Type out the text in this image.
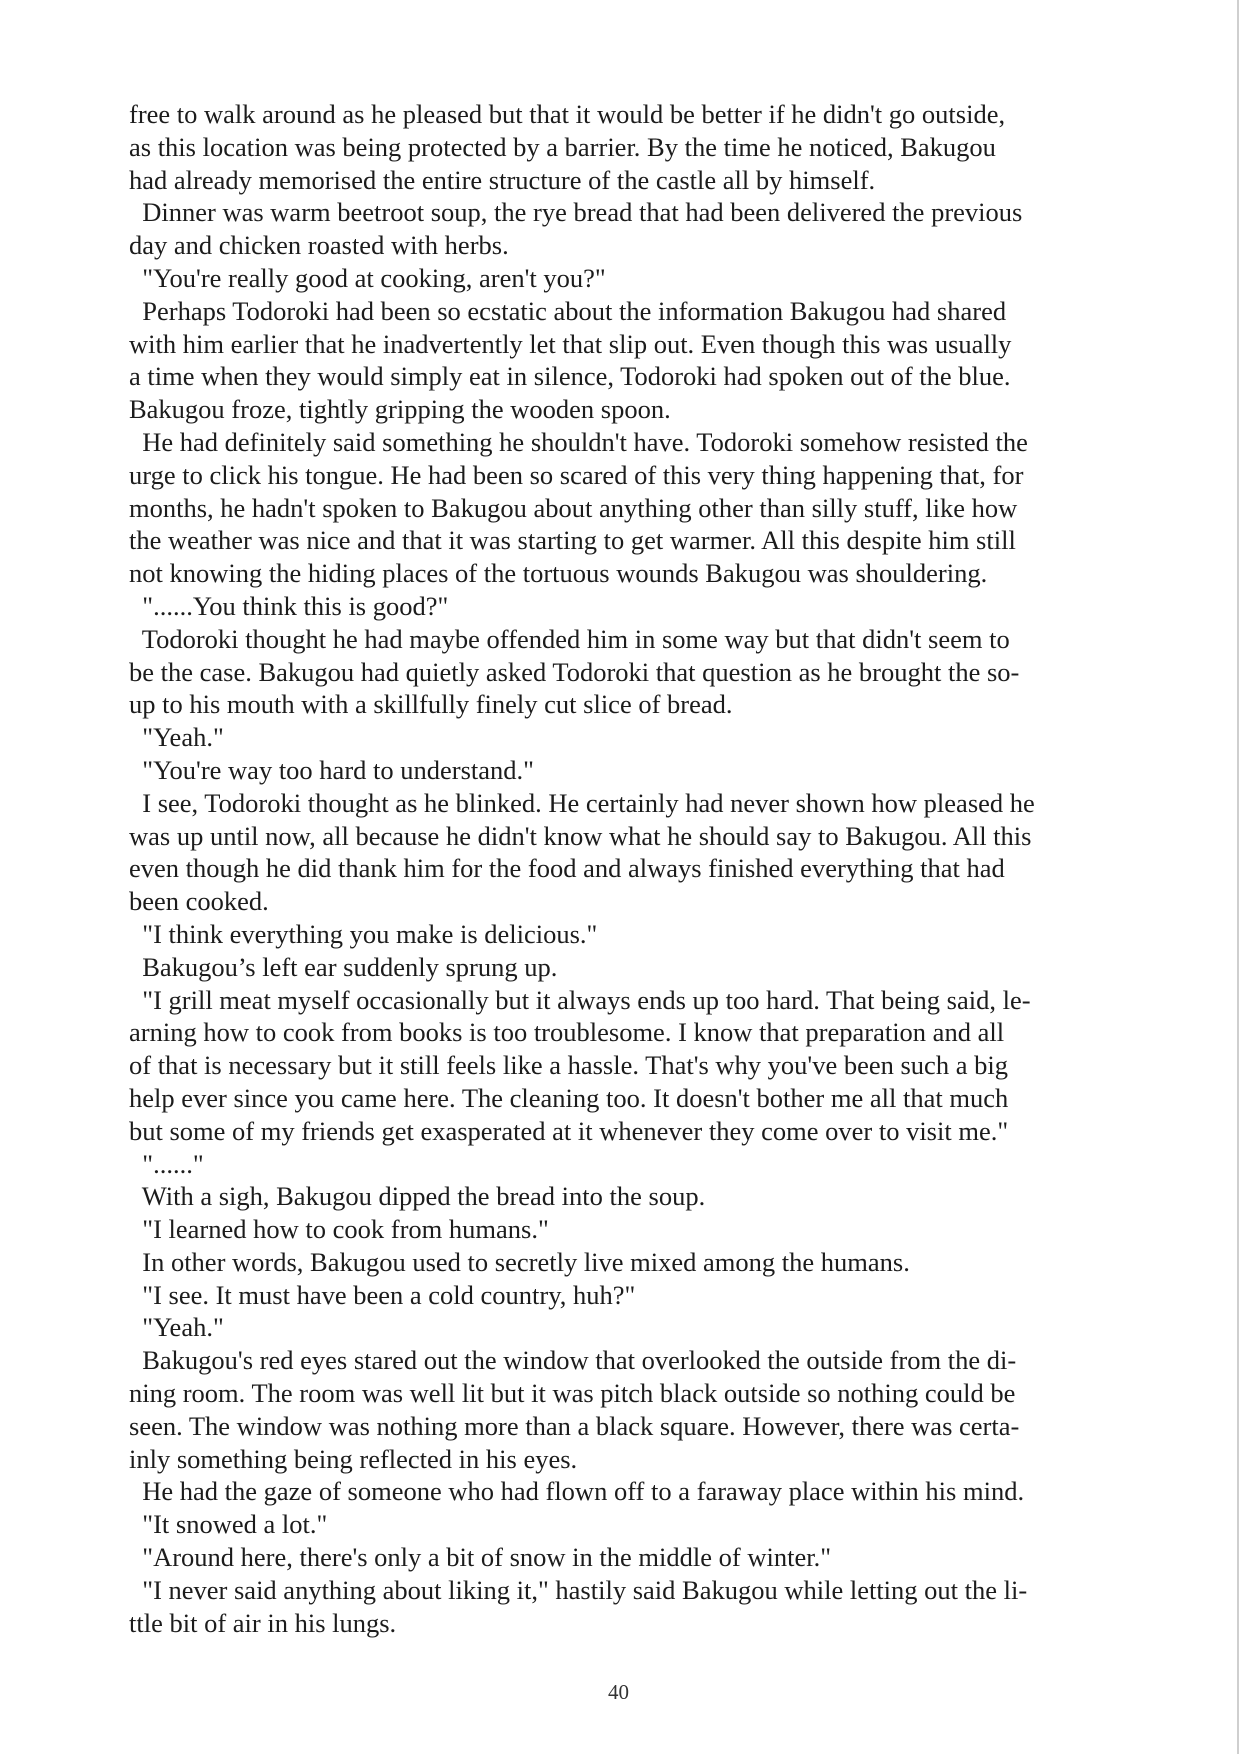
free to walk around as he pleased but that it would be better if he didn't go outside,
as this location was being protected by a barrier. By the time he noticed, Bakugou
had already memorised the entire structure of the castle all by himself.
Dinner was warm beetroot soup, the rye bread that had been delivered the previous
day and chicken roasted with herbs.
"You're really good at cooking, aren't you?"
Perhaps Todoroki had been so ecstatic about the information Bakugou had shared
with him earlier that he inadvertently let that slip out. Even though this was usually
a time when they would simply eat in silence, Todoroki had spoken out of the blue.
Bakugou froze, tightly gripping the wooden spoon.
He had definitely said something he shouldn't have. Todoroki somehow resisted the
urge to click his tongue. He had been so scared of this very thing happening that, for
months, he hadn't spoken to Bakugou about anything other than silly stuff, like how
the weather was nice and that it was starting to get warmer. All this despite him still
not knowing the hiding places of the tortuous wounds Bakugou was shouldering.
"......You think this is good?"
Todoroki thought he had maybe offended him in some way but that didn't seem to
be the case. Bakugou had quietly asked Todoroki that question as he brought the so-
up to his mouth with a skillfully finely cut slice of bread.
"Yeah."
"You're way too hard to understand."
I see, Todoroki thought as he blinked. He certainly had never shown how pleased he
was up until now, all because he didn't know what he should say to Bakugou. All this
even though he did thank him for the food and always finished everything that had
been cooked.
"I think everything you make is delicious."
Bakugou’s left ear suddenly sprung up.
"I grill meat myself occasionally but it always ends up too hard. That being said, le-
arning how to cook from books is too troublesome. I know that preparation and all
of that is necessary but it still feels like a hassle. That's why you've been such a big
help ever since you came here. The cleaning too. It doesn't bother me all that much
but some of my friends get exasperated at it whenever they come over to visit me."
"......"
With a sigh, Bakugou dipped the bread into the soup.
"I learned how to cook from humans."
In other words, Bakugou used to secretly live mixed among the humans.
"I see. It must have been a cold country, huh?"
"Yeah."
Bakugou's red eyes stared out the window that overlooked the outside from the di-
ning room. The room was well lit but it was pitch black outside so nothing could be
seen. The window was nothing more than a black square. However, there was certa-
inly something being reflected in his eyes.
He had the gaze of someone who had flown off to a faraway place within his mind.
"It snowed a lot."
"Around here, there's only a bit of snow in the middle of winter."
"I never said anything about liking it," hastily said Bakugou while letting out the li-
ttle bit of air in his lungs.
40
